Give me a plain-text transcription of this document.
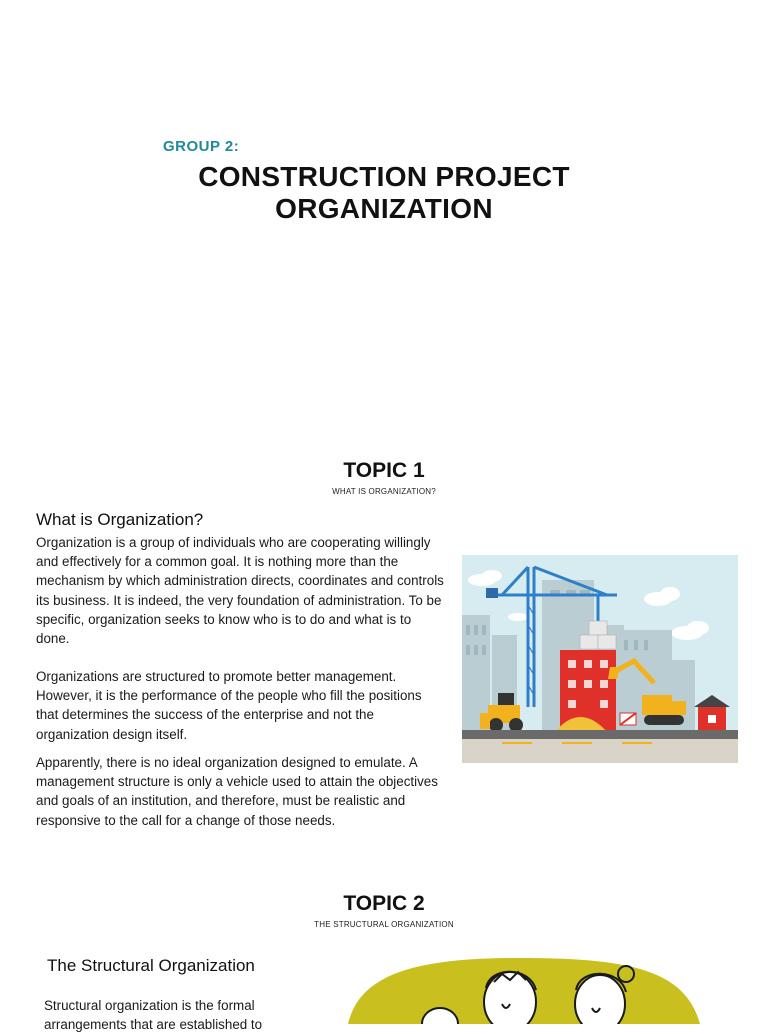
GROUP 2:
CONSTRUCTION PROJECT
ORGANIZATION
TOPIC 1
WHAT IS ORGANIZATION?
What is Organization?

Organization is a group of individuals who are cooperating willingly and effectively for a common goal. It is nothing more than the mechanism by which administration directs, coordinates and controls its business. It is indeed, the very foundation of administration. To be specific, organization seeks to know who is to do and what is to done.

Organizations are structured to promote better management. However, it is the performance of the people who fill the positions that determines the success of the enterprise and not the organization design itself.

Apparently, there is no ideal organization designed to emulate. A management structure is only a vehicle used to attain the objectives and goals of an institution, and therefore, must be realistic and responsive to the call for a change of those needs.

TOPIC 2
THE STRUCTURAL ORGANIZATION
The Structural Organization

Structural organization is the formal arrangements that are established to
